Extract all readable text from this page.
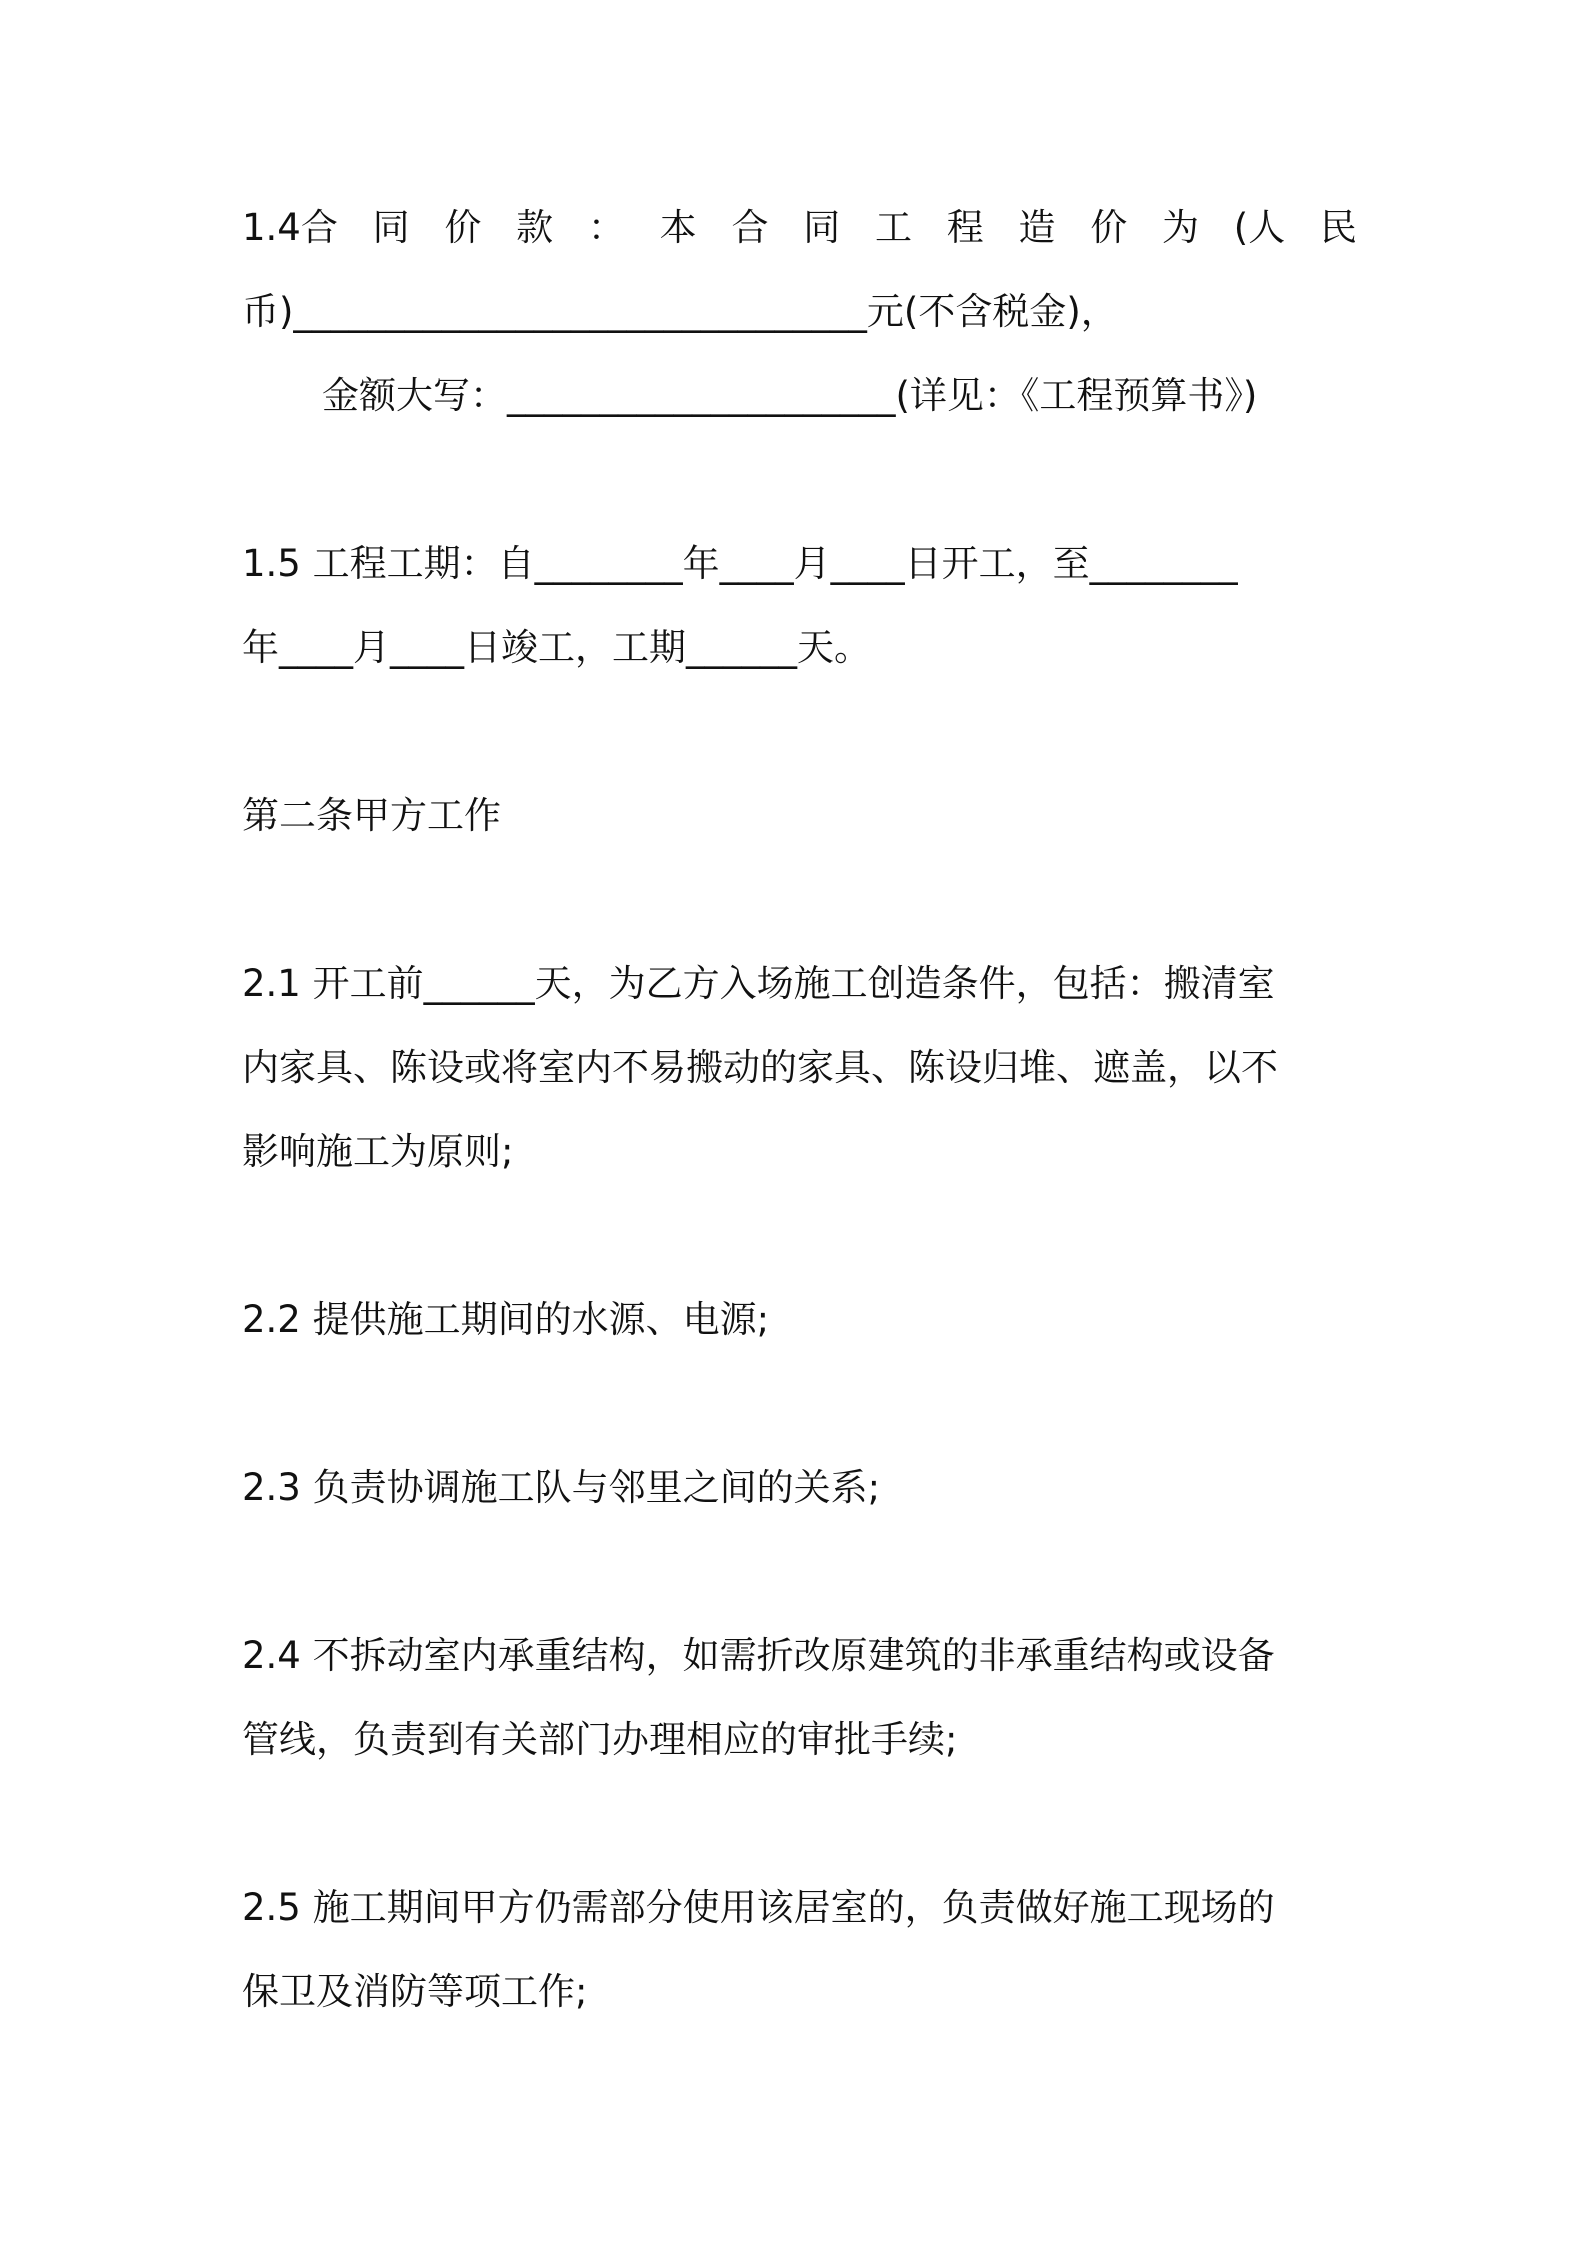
1.4合 同 价 款 ： 本 合 同 工 程 造 价 为 (人 民
币)_______________________________元(不含税金)，
金额大写：_____________________(详见：《工程预算书》)
1.5 工程工期：自________年____月____日开工，至________
年____月____日竣工，工期______天。
第二条甲方工作
2.1 开工前______天，为乙方入场施工创造条件，包括：搬清室
内家具、陈设或将室内不易搬动的家具、陈设归堆、遮盖，以不
影响施工为原则;
2.2 提供施工期间的水源、电源;
2.3 负责协调施工队与邻里之间的关系;
2.4 不拆动室内承重结构，如需折改原建筑的非承重结构或设备
管线，负责到有关部门办理相应的审批手续;
2.5 施工期间甲方仍需部分使用该居室的，负责做好施工现场的
保卫及消防等项工作;
